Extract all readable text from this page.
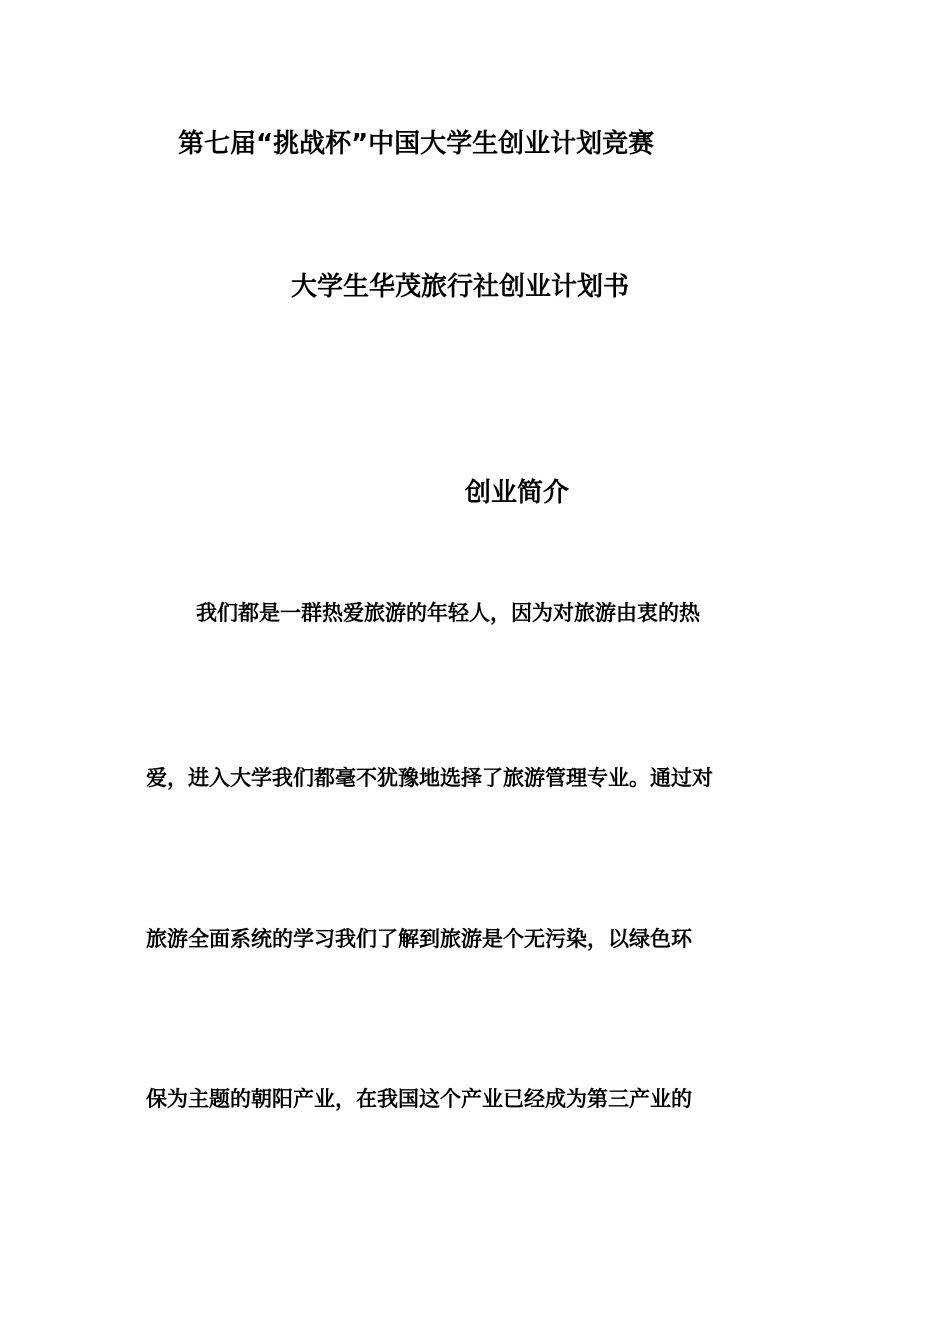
第七届“挑战杯”中国大学生创业计划竞赛
大学生华茂旅行社创业计划书
创业简介
我们都是一群热爱旅游的年轻人，因为对旅游由衷的热
爱，进入大学我们都毫不犹豫地选择了旅游管理专业。通过对
旅游全面系统的学习我们了解到旅游是个无污染，以绿色环
保为主题的朝阳产业，在我国这个产业已经成为第三产业的
